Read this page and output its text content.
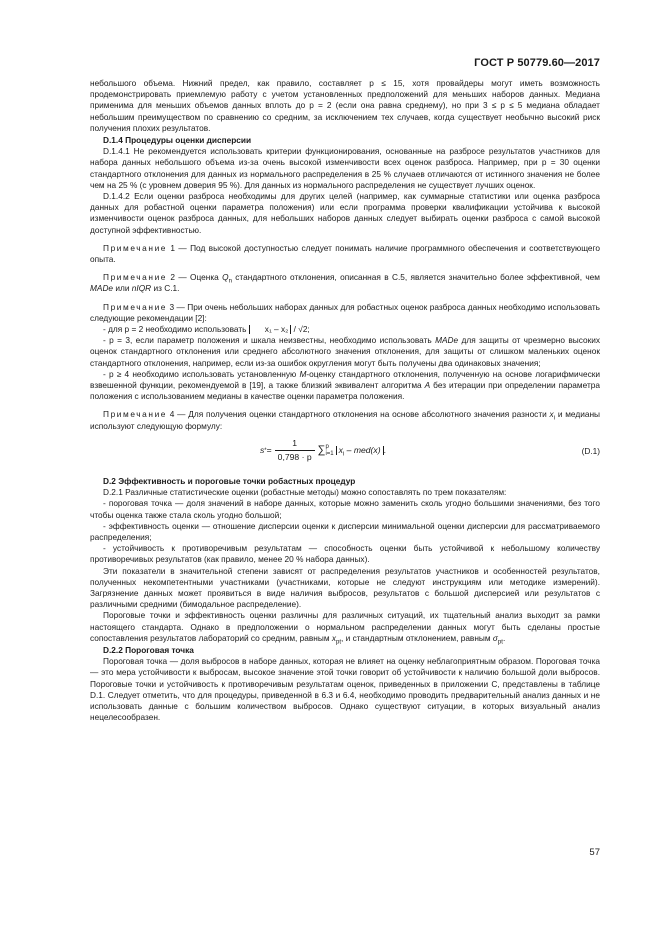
ГОСТ Р 50779.60—2017

небольшого объема. Нижний предел, как правило, составляет p ≤ 15, хотя провайдеры могут иметь возможность продемонстрировать приемлемую работу с учетом установленных предположений для меньших наборов данных. Медиана применима для меньших объемов данных вплоть до p = 2 (если она равна среднему), но при 3 ≤ p ≤ 5 медиана обладает небольшим преимуществом по сравнению со средним, за исключением тех случаев, когда существует необычно высокий риск получения плохих результатов.

D.1.4 Процедуры оценки дисперсии

D.1.4.1 Не рекомендуется использовать критерии функционирования, основанные на разбросе результатов участников для набора данных небольшого объема из-за очень высокой изменчивости всех оценок разброса. Например, при p = 30 оценки стандартного отклонения для данных из нормального распределения в 25 % случаев отличаются от истинного значения не более чем на 25 % (с уровнем доверия 95 %). Для данных из нормального распределения не существует лучших оценок.

D.1.4.2 Если оценки разброса необходимы для других целей (например, как суммарные статистики или оценка разброса данных для робастной оценки параметра положения) или если программа проверки квалификации устойчива к высокой изменчивости оценок разброса данных, для небольших наборов данных следует выбирать оценки разброса с самой высокой доступной эффективностью.

Примечание 1 — Под высокой доступностью следует понимать наличие программного обеспечения и соответствующего опыта.

Примечание 2 — Оценка $Q_n$ стандартного отклонения, описанная в С.5, является значительно более эффективной, чем MADe или nIQR из С.1.

Примечание 3 — При очень небольших наборах данных для робастных оценок разброса данных необходимо использовать следующие рекомендации [2]:

- для p = 2 необходимо использовать x₁ – x₂ / √2;

- p = 3, если параметр положения и шкала неизвестны, необходимо использовать MADe для защиты от чрезмерно высоких оценок стандартного отклонения или среднего абсолютного значения отклонения, для защиты от слишком маленьких оценок стандартного отклонения, например, если из-за ошибок округления могут быть получены два одинаковых значения;

- p ≥ 4 необходимо использовать установленную M-оценку стандартного отклонения, полученную на основе логарифмически взвешенной функции, рекомендуемой в [19], а также близкий эквивалент алгоритма A без итерации при определении параметра положения с использованием медианы в качестве оценки параметра положения.

Примечание 4 — Для получения оценки стандартного отклонения на основе абсолютного значения разности $x_i$ и медианы используют следующую формулу:

s * = $\frac{1}{0,798 \cdot p}$ ∑ p
i=1 $x_i - med(x)$ .	(D.1)

D.2 Эффективность и пороговые точки робастных процедур

D.2.1 Различные статистические оценки (робастные методы) можно сопоставлять по трем показателям:

- пороговая точка — доля значений в наборе данных, которые можно заменить сколь угодно большими значениями, без того чтобы оценка также стала сколь угодно большой;

- эффективность оценки — отношение дисперсии оценки к дисперсии минимальной оценки дисперсии для рассматриваемого распределения;

- устойчивость к противоречивым результатам — способность оценки быть устойчивой к небольшому количеству противоречивых результатов (как правило, менее 20 % набора данных).

Эти показатели в значительной степени зависят от распределения результатов участников и особенностей результатов, полученных некомпетентными участниками (участниками, которые не следуют инструкциям или методике измерений). Загрязнение данных может проявиться в виде наличия выбросов, результатов с большой дисперсией или результатов с различными средними (бимодальное распределение).

Пороговые точки и эффективность оценки различны для различных ситуаций, их тщательный анализ выходит за рамки настоящего стандарта. Однако в предположении о нормальном распределении данных могут быть сделаны простые сопоставления результатов лабораторий со средним, равным $x_{pt}$, и стандартным отклонением, равным $\sigma_{pt}$.

D.2.2 Пороговая точка

Пороговая точка — доля выбросов в наборе данных, которая не влияет на оценку неблагоприятным образом. Пороговая точка — это мера устойчивости к выбросам, высокое значение этой точки говорит об устойчивости к наличию большой доли выбросов. Пороговые точки и устойчивость к противоречивым результатам оценок, приведенных в приложении С, представлены в таблице D.1. Следует отметить, что для процедуры, приведенной в 6.3 и 6.4, необходимо проводить предварительный анализ данных и не использовать данные с большим количеством выбросов. Однако существуют ситуации, в которых визуальный анализ нецелесообразен.

57
